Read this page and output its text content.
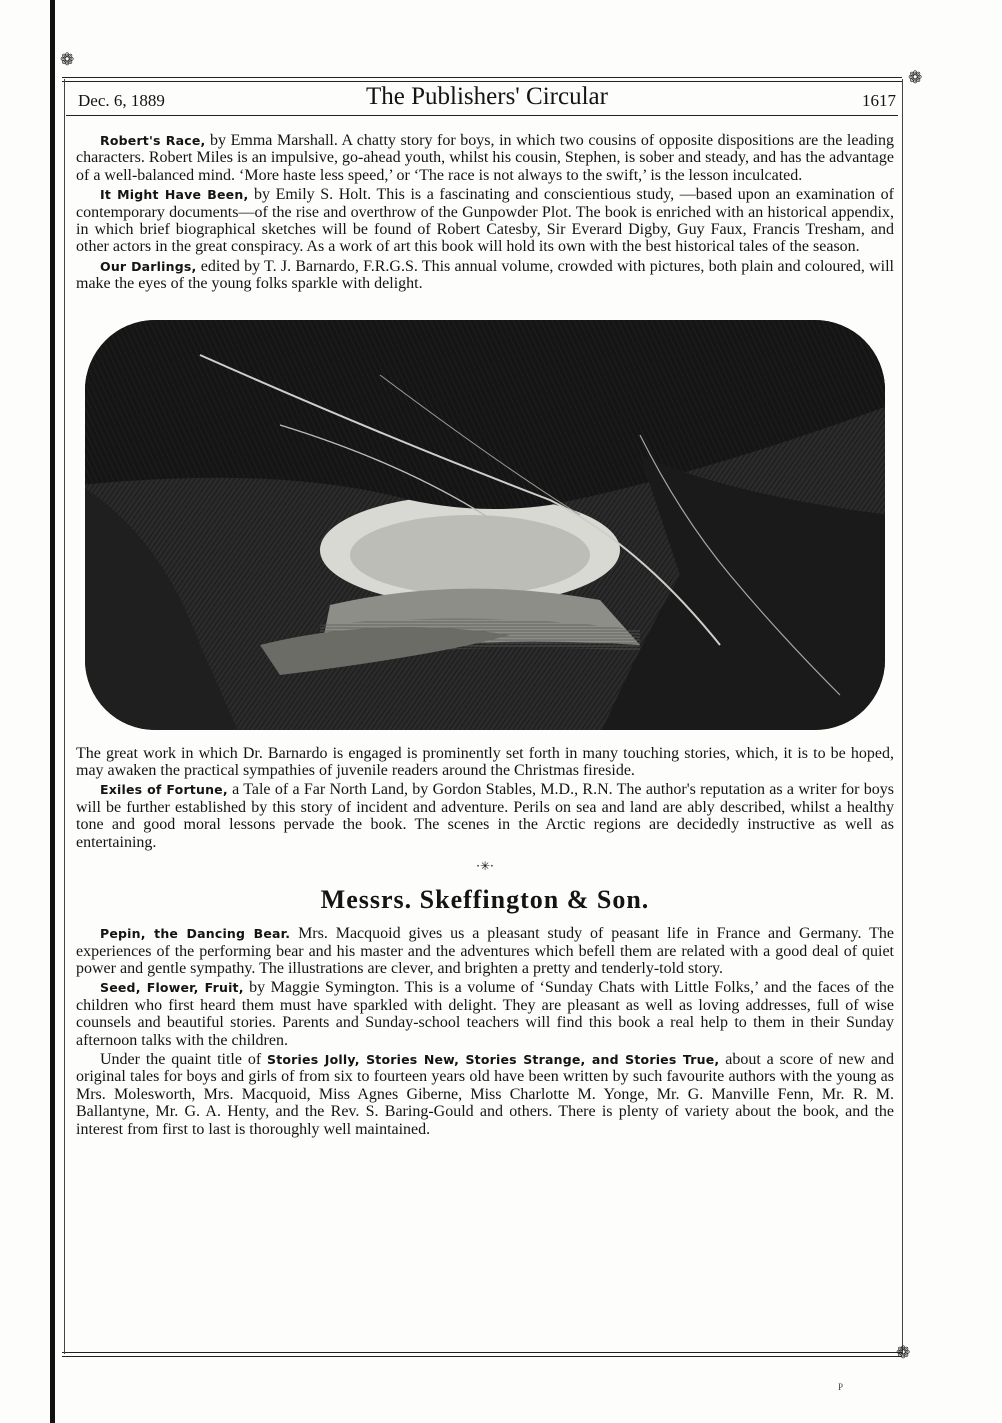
❁
❁
❁
Dec. 6, 1889	The Publishers' Circular	1617

Robert's Race, by Emma Marshall. A chatty story for boys, in which two cousins of opposite dispositions are the leading characters. Robert Miles is an impulsive, go-ahead youth, whilst his cousin, Stephen, is sober and steady, and has the advantage of a well-balanced mind. ‘More haste less speed,’ or ‘The race is not always to the swift,’ is the lesson inculcated.

It Might Have Been, by Emily S. Holt. This is a fascinating and conscientious study, —based upon an examination of contemporary documents—of the rise and overthrow of the Gunpowder Plot. The book is enriched with an historical appendix, in which brief biographical sketches will be found of Robert Catesby, Sir Everard Digby, Guy Faux, Francis Tresham, and other actors in the great conspiracy. As a work of art this book will hold its own with the best historical tales of the season.

Our Darlings, edited by T. J. Barnardo, F.R.G.S. This annual volume, crowded with pictures, both plain and coloured, will make the eyes of the young folks sparkle with delight.

The great work in which Dr. Barnardo is engaged is prominently set forth in many touching stories, which, it is to be hoped, may awaken the practical sympathies of juvenile readers around the Christmas fireside.

Exiles of Fortune, a Tale of a Far North Land, by Gordon Stables, M.D., R.N. The author's reputation as a writer for boys will be further established by this story of incident and adventure. Perils on sea and land are ably described, whilst a healthy tone and good moral lessons pervade the book. The scenes in the Arctic regions are decidedly instructive as well as entertaining.

·✳·
Messrs. Skeffington & Son.

Pepin, the Dancing Bear. Mrs. Macquoid gives us a pleasant study of peasant life in France and Germany. The experiences of the performing bear and his master and the adventures which befell them are related with a good deal of quiet power and gentle sympathy. The illustrations are clever, and brighten a pretty and tenderly-told story.

Seed, Flower, Fruit, by Maggie Symington. This is a volume of ‘Sunday Chats with Little Folks,’ and the faces of the children who first heard them must have sparkled with delight. They are pleasant as well as loving addresses, full of wise counsels and beautiful stories. Parents and Sunday-school teachers will find this book a real help to them in their Sunday afternoon talks with the children.

Under the quaint title of Stories Jolly, Stories New, Stories Strange, and Stories True, about a score of new and original tales for boys and girls of from six to fourteen years old have been written by such favourite authors with the young as Mrs. Molesworth, Mrs. Macquoid, Miss Agnes Giberne, Miss Charlotte M. Yonge, Mr. G. Manville Fenn, Mr. R. M. Ballantyne, Mr. G. A. Henty, and the Rev. S. Baring-Gould and others. There is plenty of variety about the book, and the interest from first to last is thoroughly well maintained.

P
